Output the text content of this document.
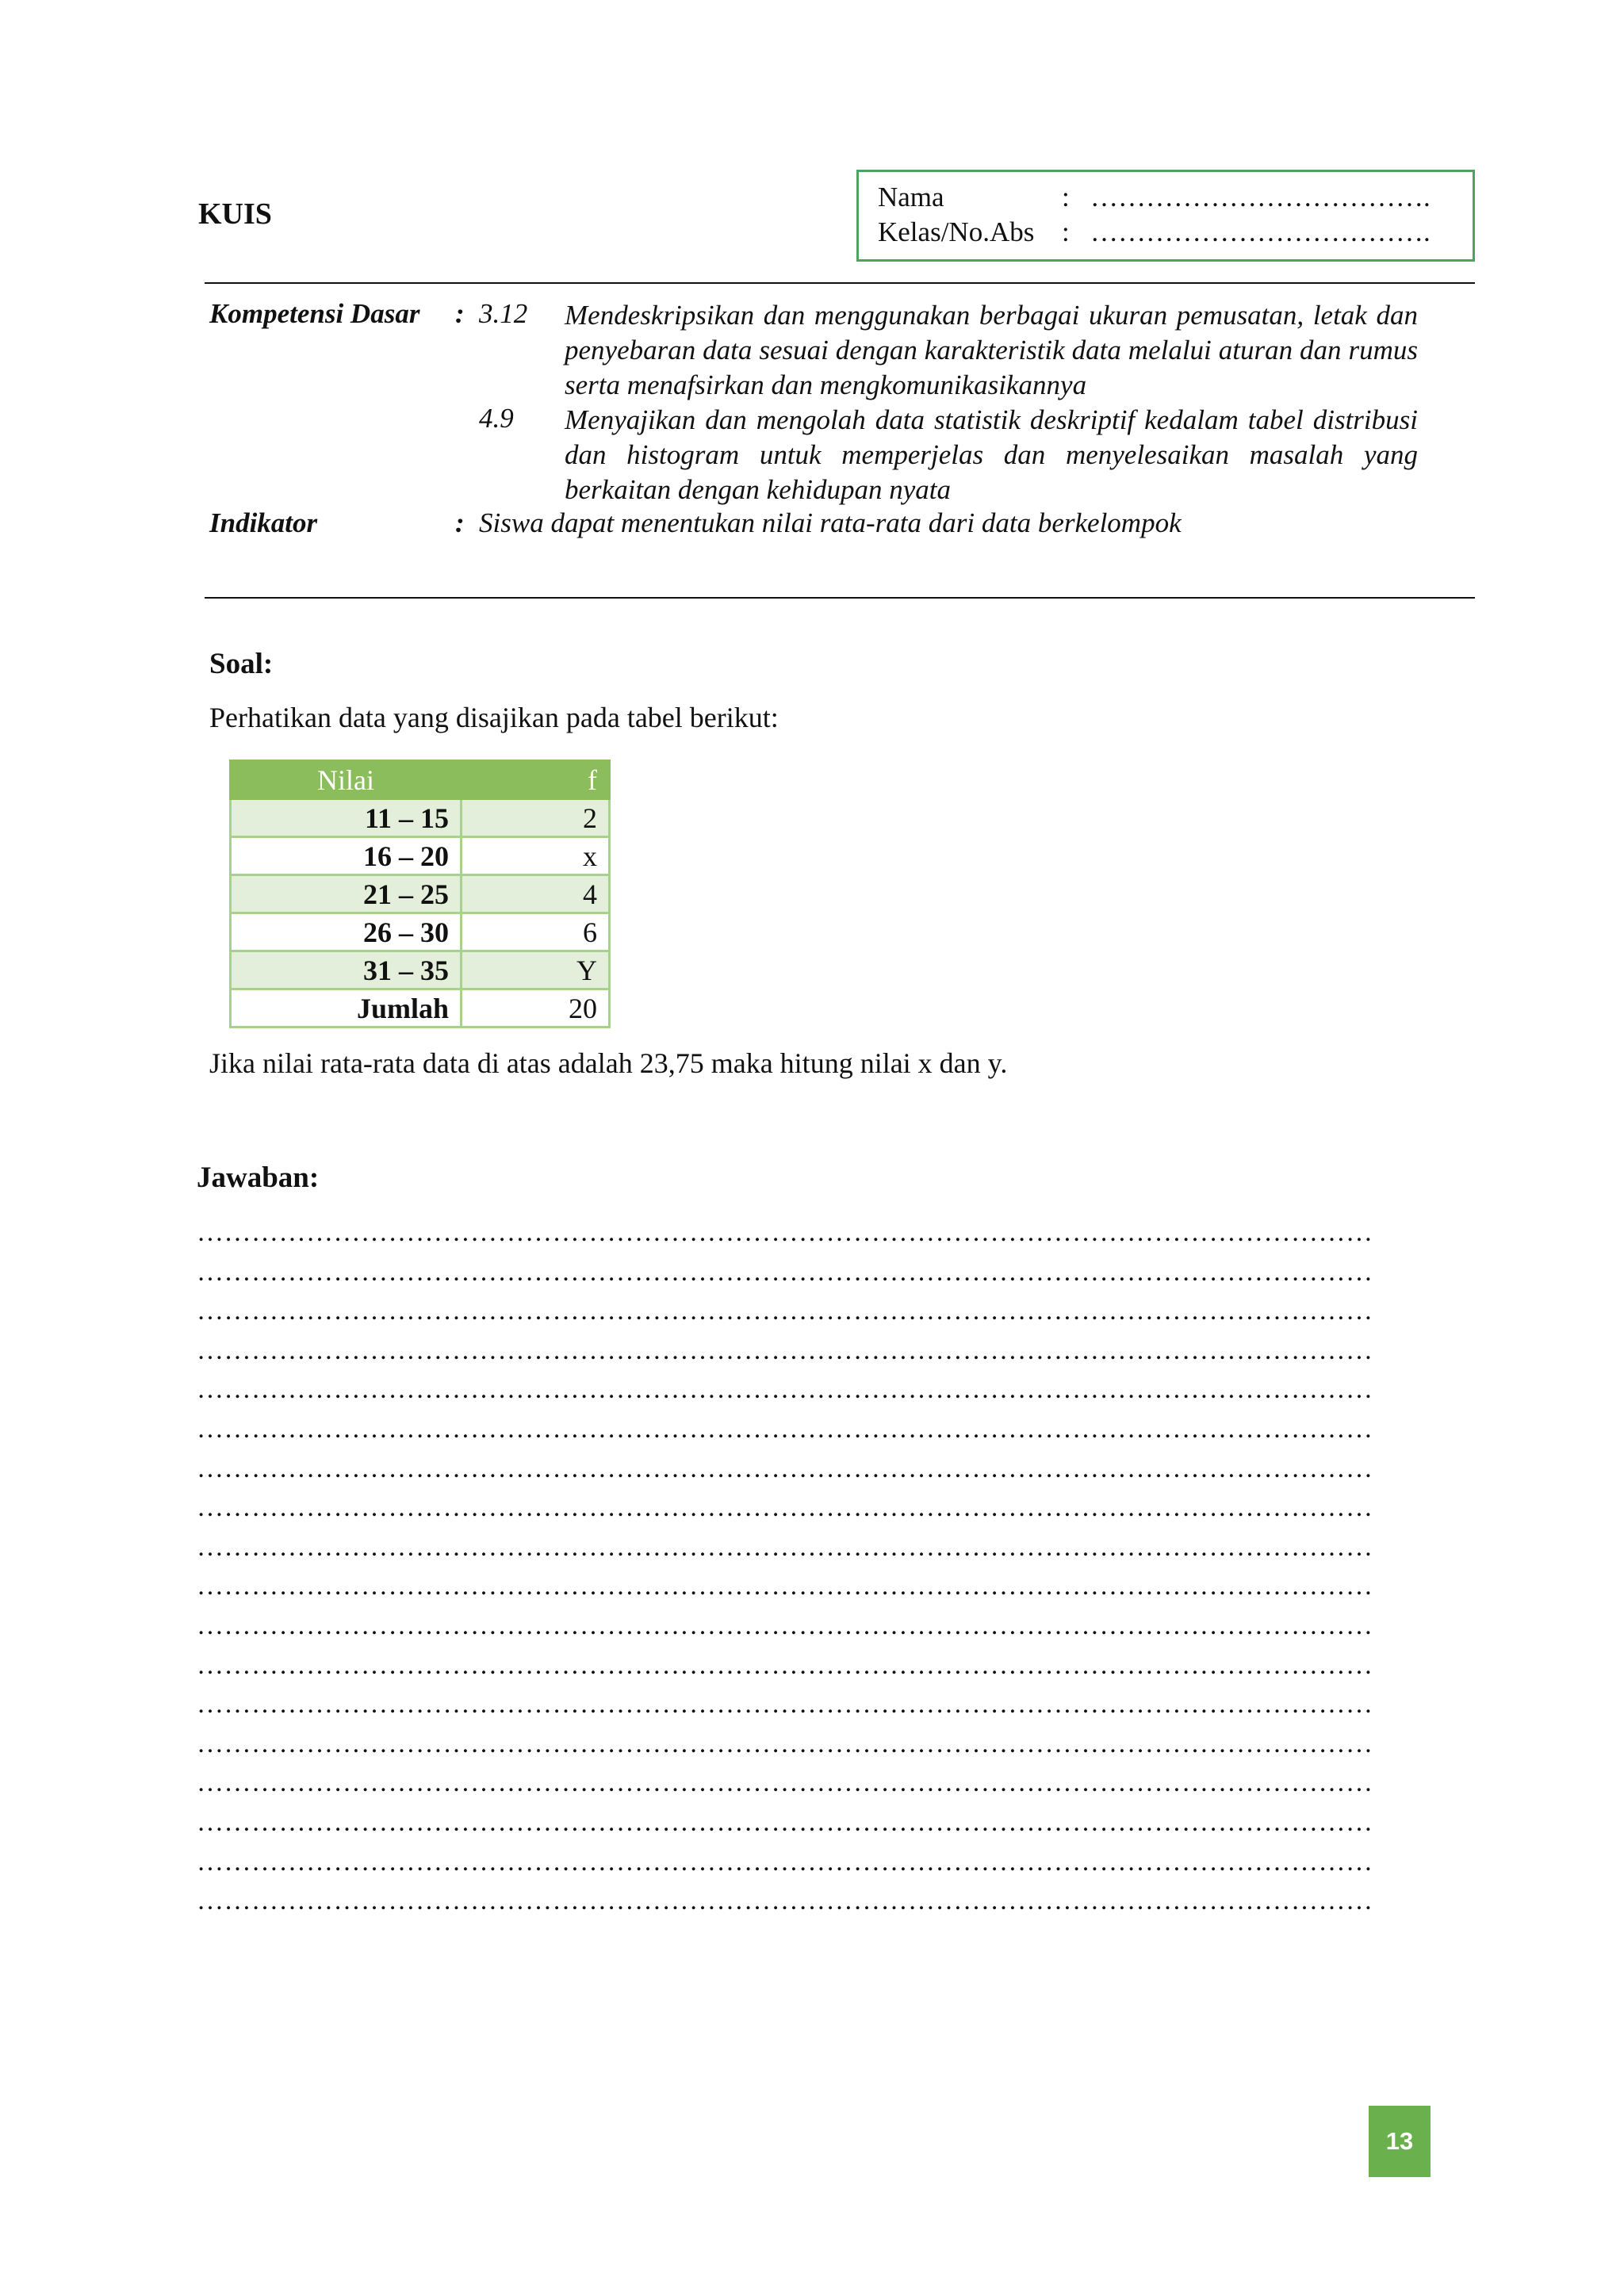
KUIS
Nama	: ……………………………….
Kelas/No.Abs : ……………………………….
Kompetensi Dasar : 3.12 Mendeskripsikan dan menggunakan berbagai ukuran pemusatan, letak dan penyebaran data sesuai dengan karakteristik data melalui aturan dan rumus serta menafsirkan dan mengkomunikasikannya
4.9 Menyajikan dan mengolah data statistik deskriptif kedalam tabel distribusi dan histogram untuk memperjelas dan menyelesaikan masalah yang berkaitan dengan kehidupan nyata
Indikator	: Siswa dapat menentukan nilai rata-rata dari data berkelompok
Soal:
Perhatikan data yang disajikan pada tabel berikut:
Nilai	f
11 – 15	2
16 – 20	x
21 – 25	4
26 – 30	6
31 – 35	Y
Jumlah	20
Jika nilai rata-rata data di atas adalah 23,75 maka hitung nilai x dan y.
Jawaban:
…………………………………………………………………………………………………………………
…………………………………………………………………………………………………………………
…………………………………………………………………………………………………………………
…………………………………………………………………………………………………………………
…………………………………………………………………………………………………………………
…………………………………………………………………………………………………………………
…………………………………………………………………………………………………………………
…………………………………………………………………………………………………………………
…………………………………………………………………………………………………………………
…………………………………………………………………………………………………………………
…………………………………………………………………………………………………………………
…………………………………………………………………………………………………………………
…………………………………………………………………………………………………………………
…………………………………………………………………………………………………………………
…………………………………………………………………………………………………………………
…………………………………………………………………………………………………………………
…………………………………………………………………………………………………………………
…………………………………………………………………………………………………………………
13
